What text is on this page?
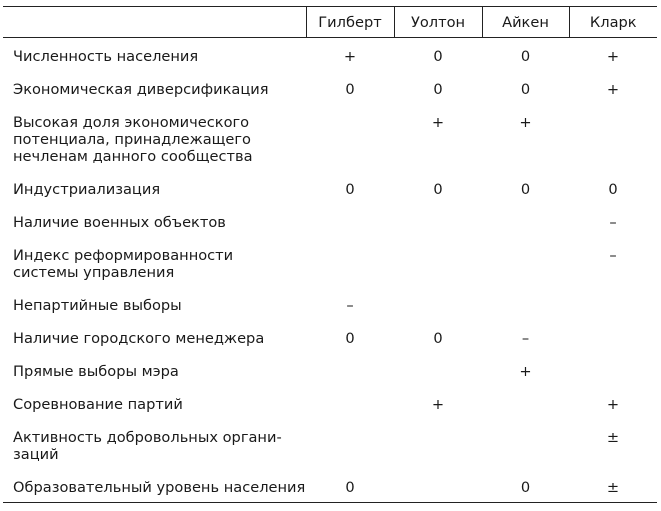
	Гилберт	Уолтон	Айкен	Кларк

Численность населения	+	0	0	+

Экономическая диверсификация	0	0	0	+

Высокая доля экономического
потенциала, принадлежащего
нечленам данного сообщества		+	+	

Индустриализация	0	0	0	0

Наличие военных объектов				–

Индекс реформированности
системы управления				–

Непартийные выборы	–			

Наличие городского менеджера	0	0	–	

Прямые выборы мэра			+	

Соревнование партий		+		+

Активность добровольных органи-
заций				±

Образовательный уровень населения	0		0	±
